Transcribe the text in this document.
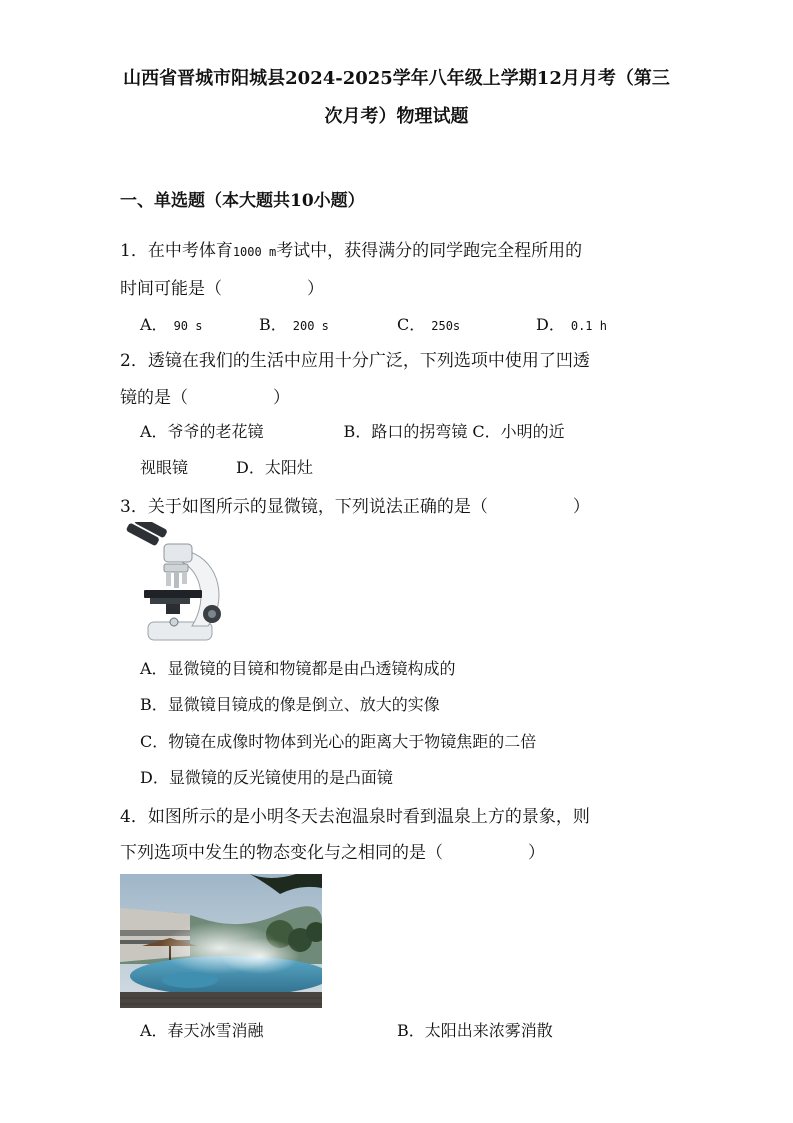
山西省晋城市阳城县2024-2025学年八年级上学期12月月考（第三
次月考）物理试题
一、单选题（本大题共10小题）
1．在中考体育1000 m考试中，获得满分的同学跑完全程所用的
时间可能是（　　　　　）
A． 90 s	B． 200 s	C． 250s	D． 0.1 h
2．透镜在我们的生活中应用十分广泛，下列选项中使用了凹透
镜的是（　　　　　）
A．爷爷的老花镜　　　　　B．路口的拐弯镜 C．小明的近
视眼镜　　　D．太阳灶
3．关于如图所示的显微镜，下列说法正确的是（　　　　　）
A．显微镜的目镜和物镜都是由凸透镜构成的
B．显微镜目镜成的像是倒立、放大的实像
C．物镜在成像时物体到光心的距离大于物镜焦距的二倍
D．显微镜的反光镜使用的是凸面镜
4．如图所示的是小明冬天去泡温泉时看到温泉上方的景象，则
下列选项中发生的物态变化与之相同的是（　　　　　）
A．春天冰雪消融	B．太阳出来浓雾消散
